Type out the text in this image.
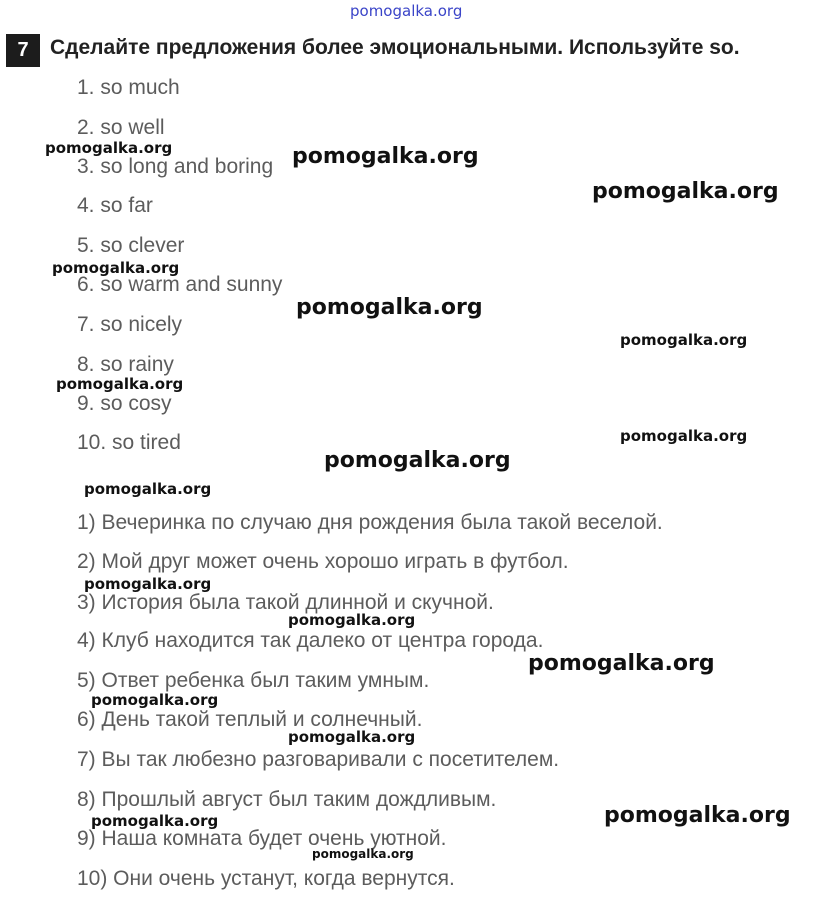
pomogalka.org
7	Сделайте предложения более эмоциональными. Используйте so.
1. so much
2. so well
3. so long and boring
4. so far
5. so clever
6. so warm and sunny
7. so nicely
8. so rainy
9. so cosy
10. so tired
1) Вечеринка по случаю дня рождения была такой веселой.
2) Мой друг может очень хорошо играть в футбол.
3) История была такой длинной и скучной.
4) Клуб находится так далеко от центра города.
5) Ответ ребенка был таким умным.
6) День такой теплый и солнечный.
7) Вы так любезно разговаривали с посетителем.
8) Прошлый август был таким дождливым.
9) Наша комната будет очень уютной.
10) Они очень устанут, когда вернутся.
pomogalka.org	pomogalka.org
pomogalka.org
pomogalka.org
pomogalka.org
pomogalka.org
pomogalka.org
pomogalka.org
pomogalka.org
pomogalka.org
pomogalka.org
pomogalka.org
pomogalka.org
pomogalka.org
pomogalka.org
pomogalka.org
pomogalka.org
pomogalka.org
